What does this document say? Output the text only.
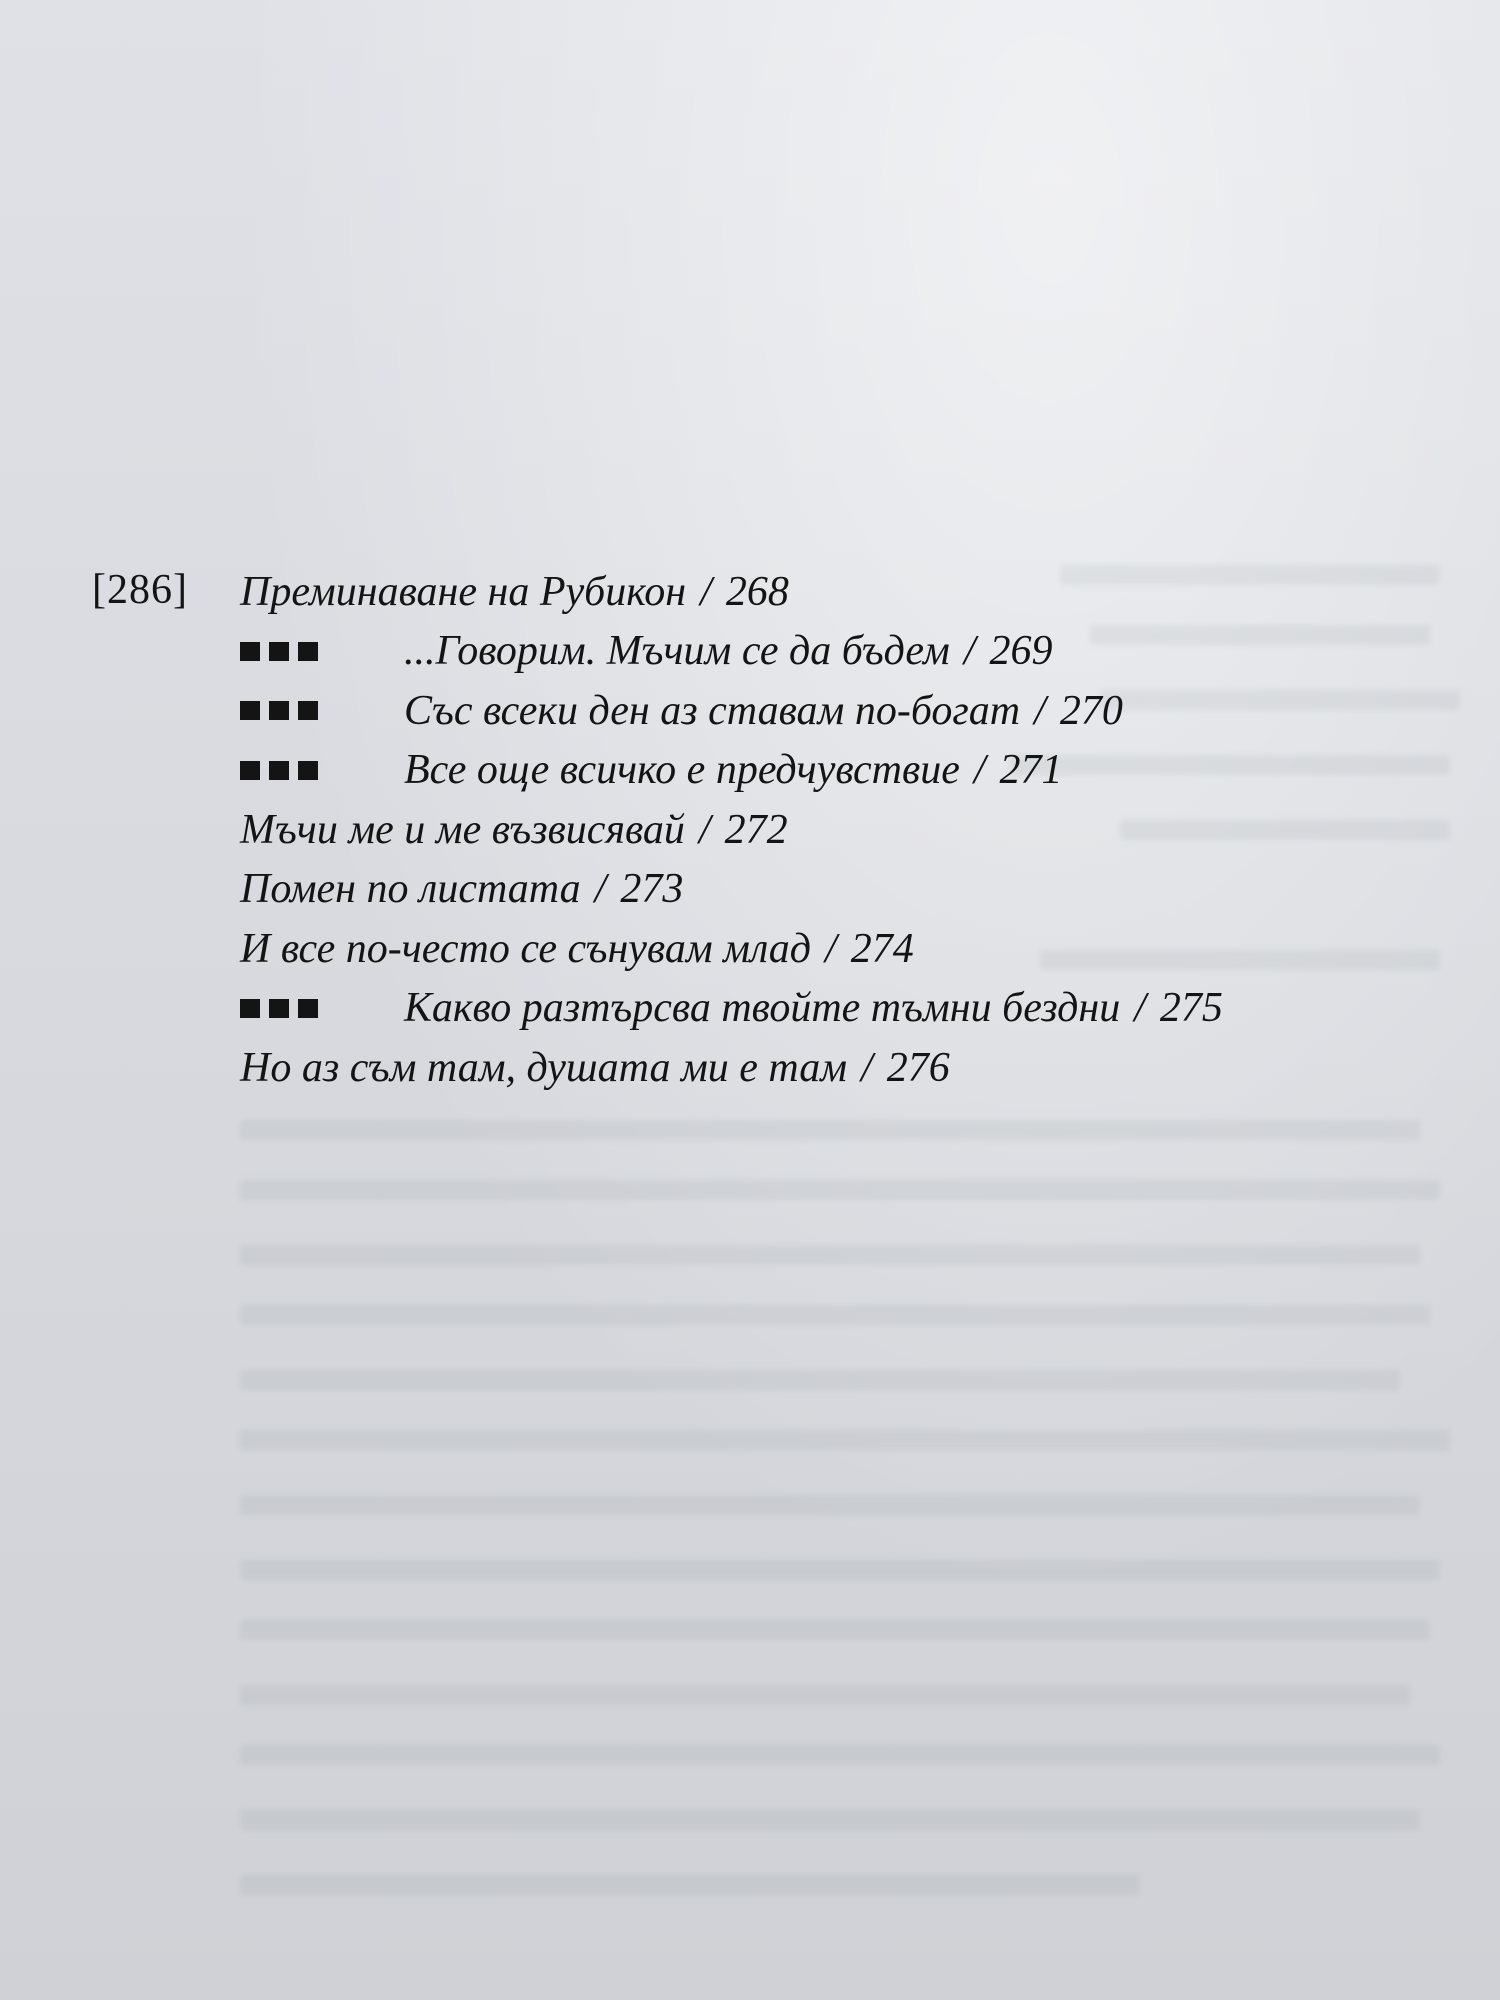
[286] Преминаване на Рубикон / 268
...Говорим. Мъчим се да бъдем / 269
Със всеки ден аз ставам по-богат / 270
Все още всичко е предчувствие / 271
Мъчи ме и ме възвисявай / 272
Помен по листата / 273
И все по-често се сънувам млад / 274
Какво разтърсва твойте тъмни бездни / 275
Но аз съм там, душата ми е там / 276
